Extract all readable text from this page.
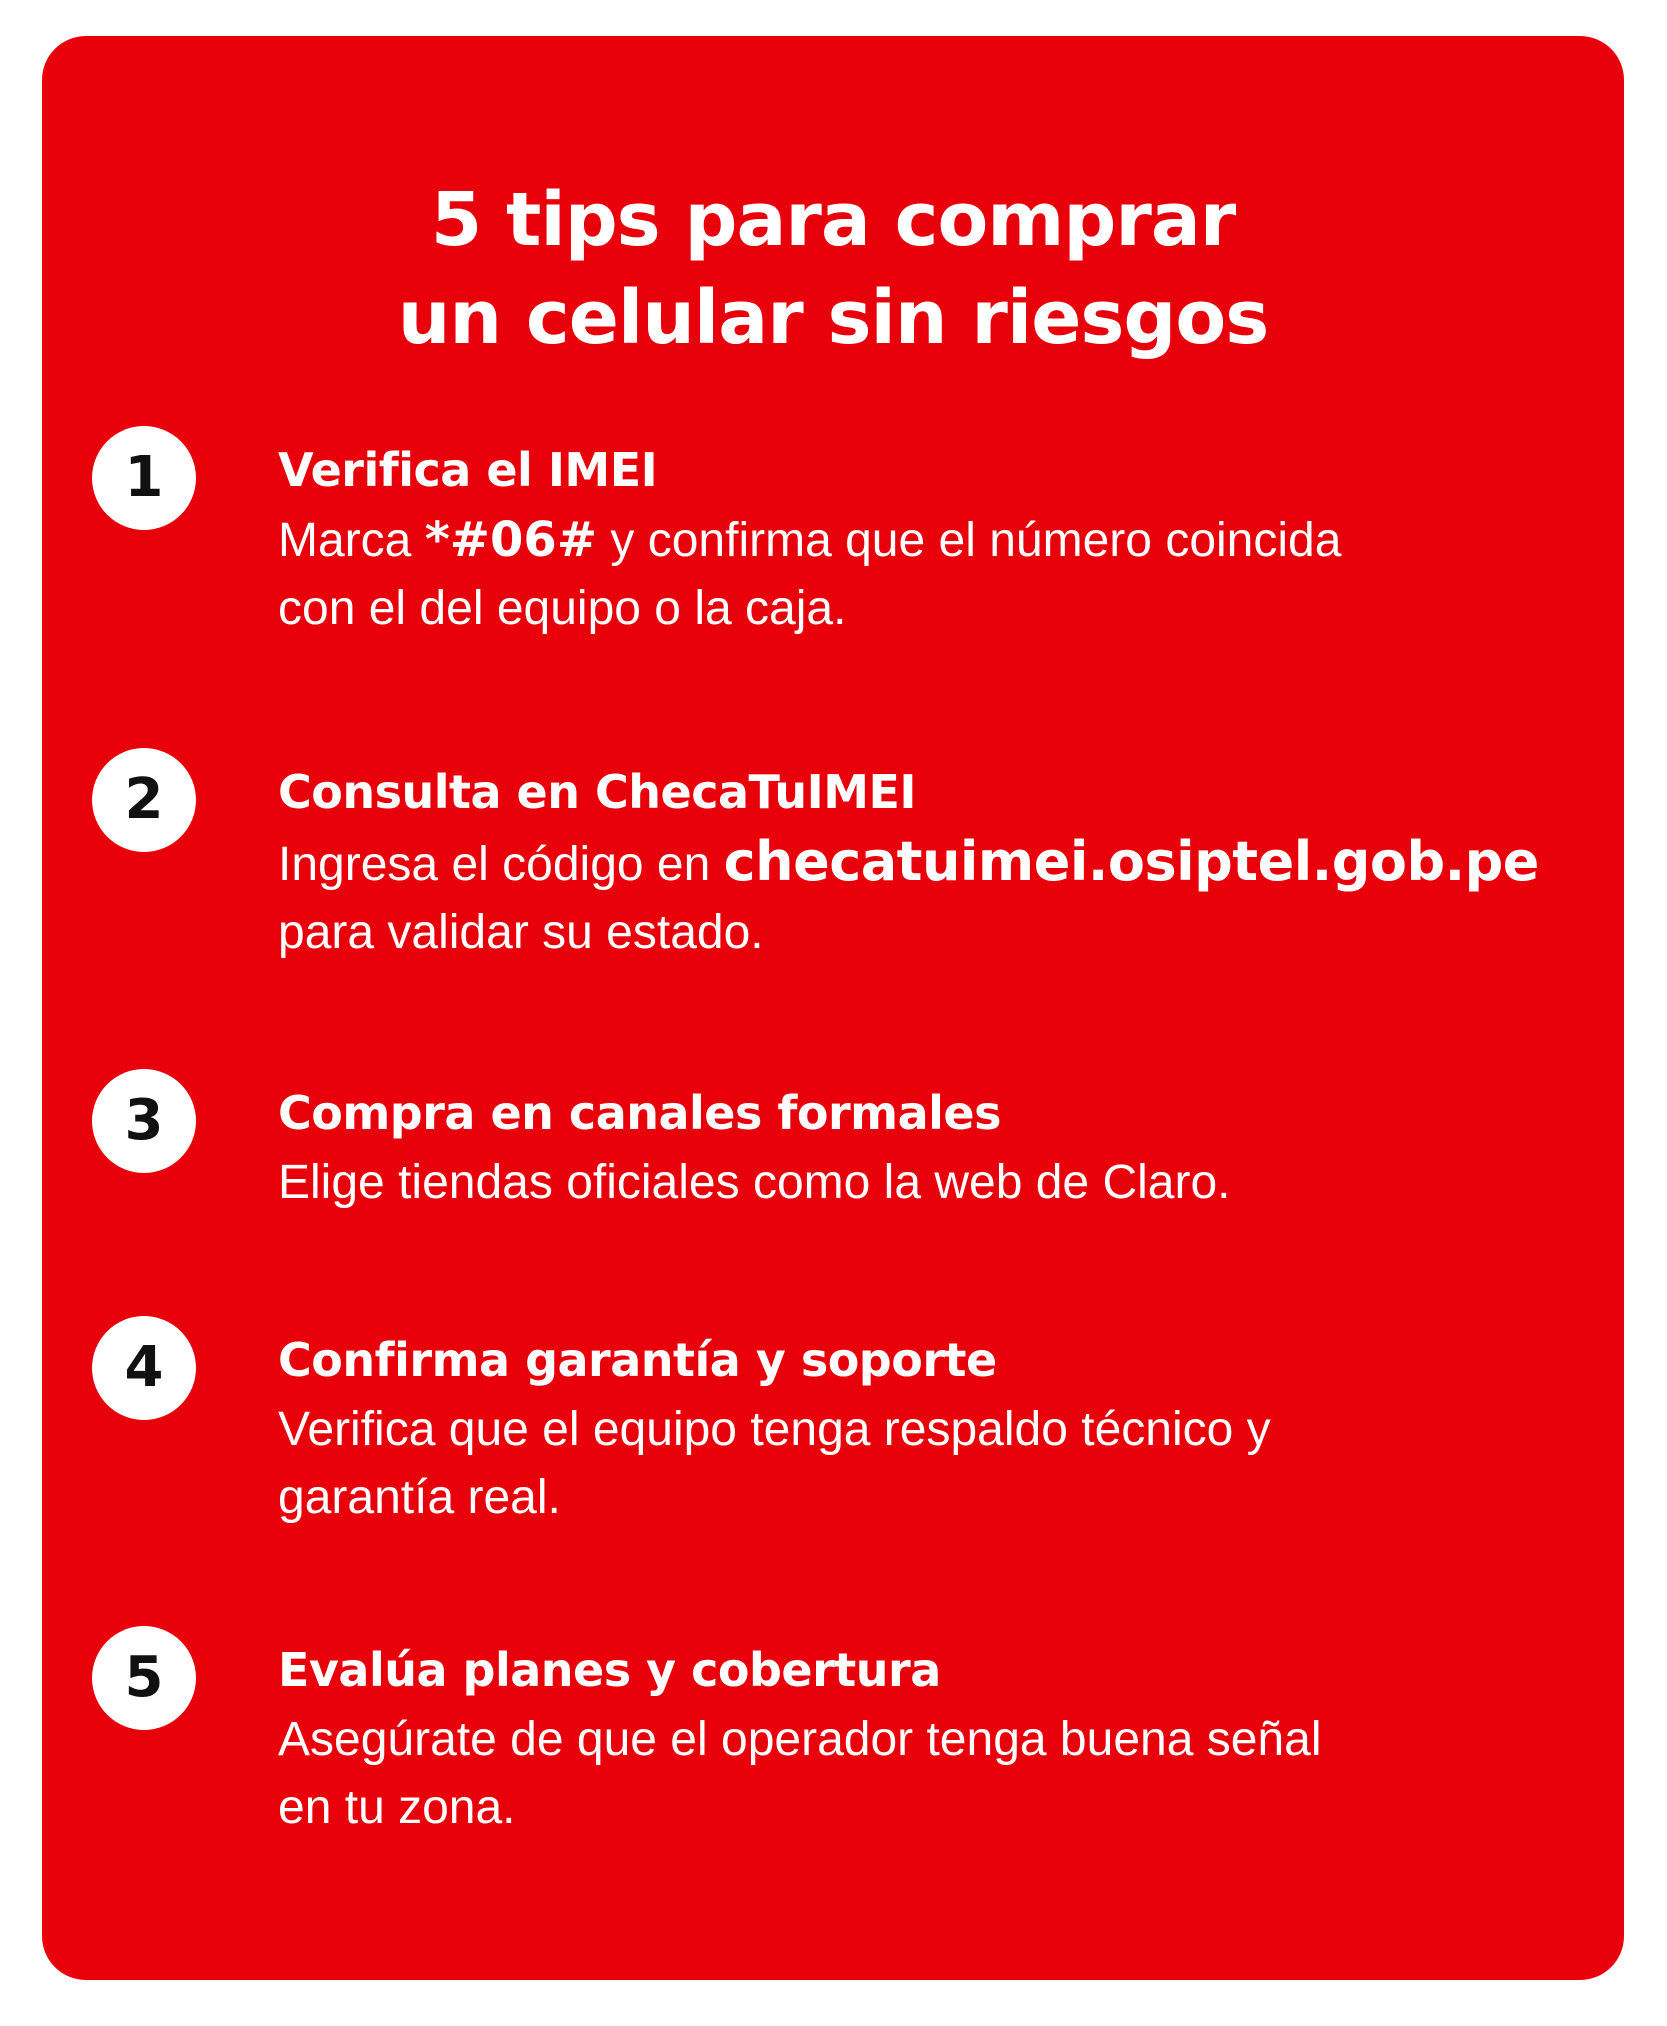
5 tips para comprar
un celular sin riesgos
1	Verifica el IMEI
Marca *#06# y confirma que el número coincida
con el del equipo o la caja.
2	Consulta en ChecaTuIMEI
Ingresa el código en checatuimei.osiptel.gob.pe
para validar su estado.
3	Compra en canales formales
Elige tiendas oficiales como la web de Claro.
4	Confirma garantía y soporte
Verifica que el equipo tenga respaldo técnico y
garantía real.
5	Evalúa planes y cobertura
Asegúrate de que el operador tenga buena señal
en tu zona.
